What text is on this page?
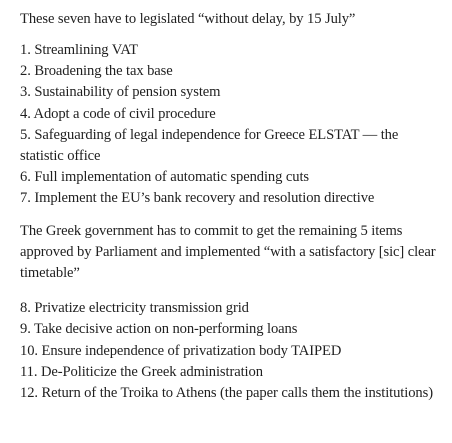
These seven have to legislated “without delay, by 15 July”

1. Streamlining VAT
2. Broadening the tax base
3. Sustainability of pension system
4. Adopt a code of civil procedure
5. Safeguarding of legal independence for Greece ELSTAT — the statistic office
6. Full implementation of automatic spending cuts
7. Implement the EU’s bank recovery and resolution directive

The Greek government has to commit to get the remaining 5 items approved by Parliament and implemented “with a satisfactory [sic] clear timetable”

8. Privatize electricity transmission grid
9. Take decisive action on non-performing loans
10. Ensure independence of privatization body TAIPED
11. De-Politicize the Greek administration
12. Return of the Troika to Athens (the paper calls them the institutions)
